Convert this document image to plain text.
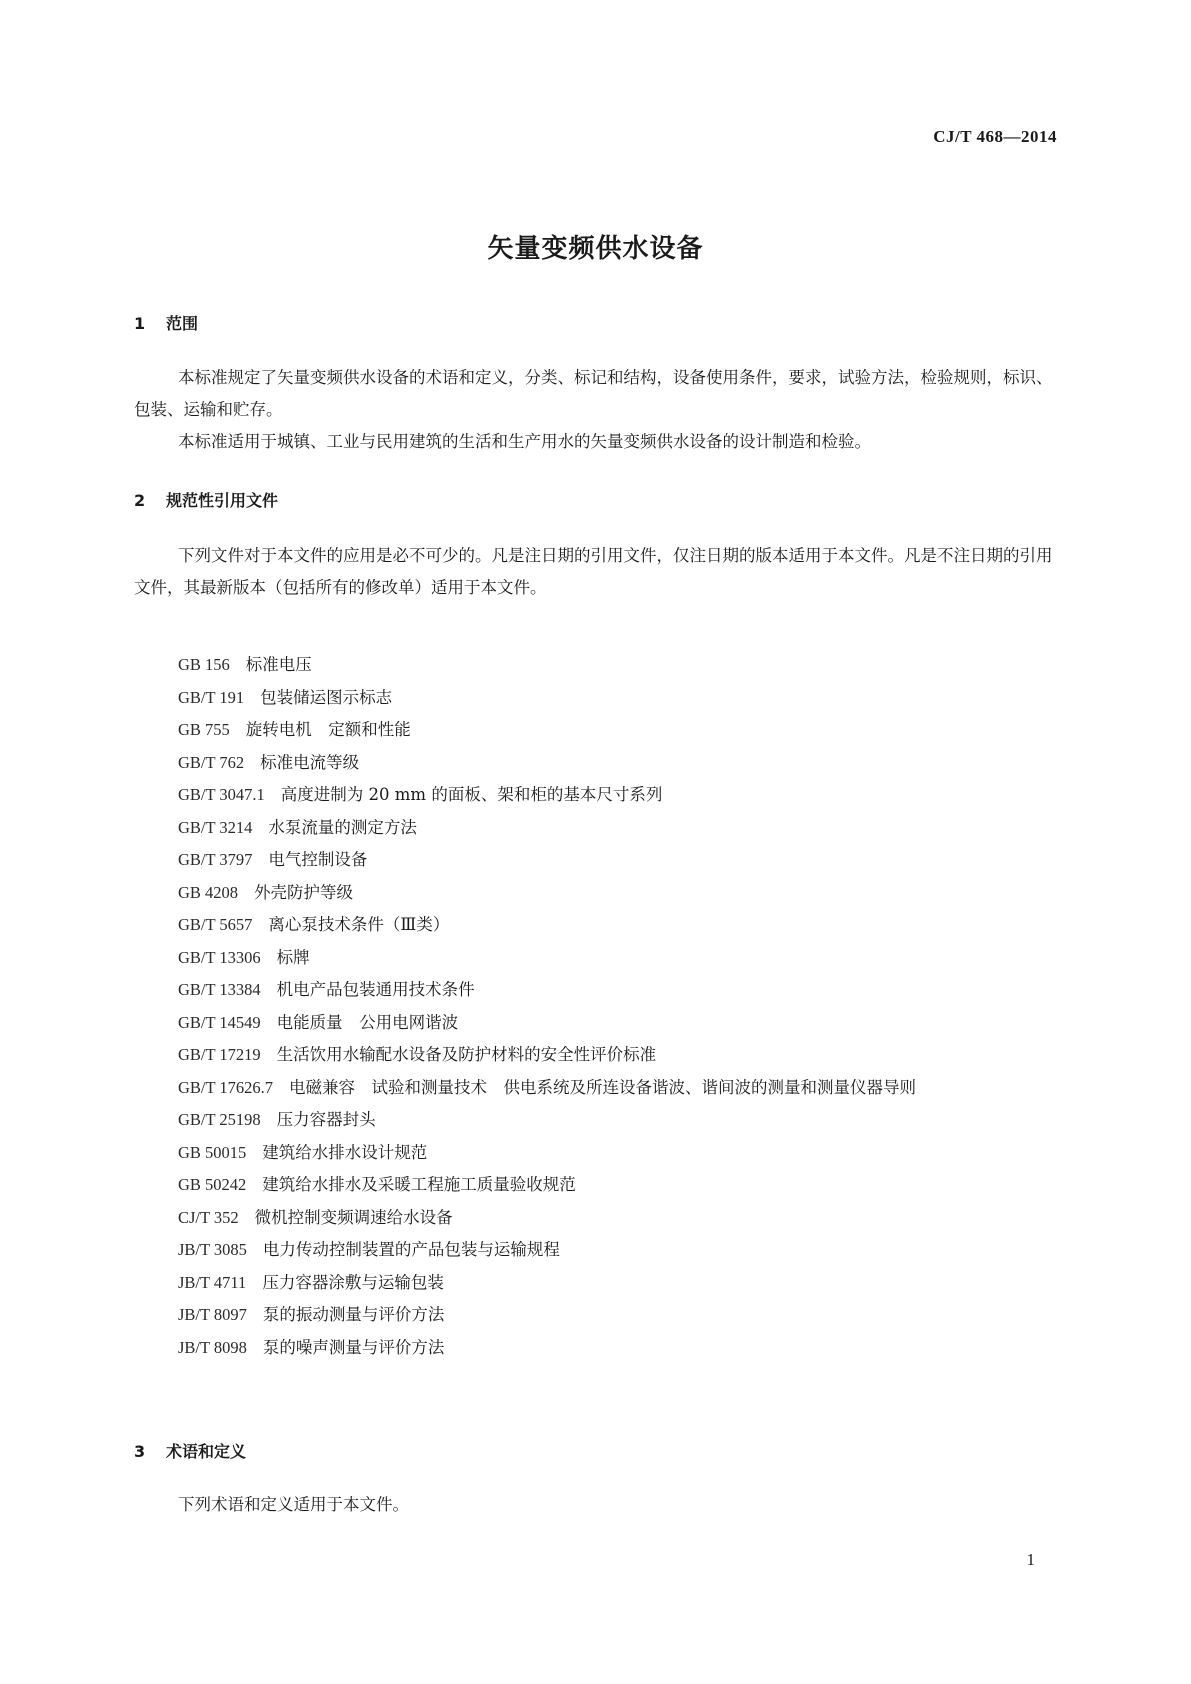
CJ/T 468—2014
矢量变频供水设备
1 范围
本标准规定了矢量变频供水设备的术语和定义，分类、标记和结构，设备使用条件，要求，试验方法，检验规则，标识、包装、运输和贮存。
本标准适用于城镇、工业与民用建筑的生活和生产用水的矢量变频供水设备的设计制造和检验。
2 规范性引用文件
下列文件对于本文件的应用是必不可少的。凡是注日期的引用文件，仅注日期的版本适用于本文件。凡是不注日期的引用文件，其最新版本（包括所有的修改单）适用于本文件。
GB 156 标准电压
GB/T 191 包装储运图示标志
GB 755 旋转电机　定额和性能
GB/T 762 标准电流等级
GB/T 3047.1 高度进制为 20 mm 的面板、架和柜的基本尺寸系列
GB/T 3214 水泵流量的测定方法
GB/T 3797 电气控制设备
GB 4208 外壳防护等级
GB/T 5657 离心泵技术条件（Ⅲ类）
GB/T 13306 标牌
GB/T 13384 机电产品包装通用技术条件
GB/T 14549 电能质量　公用电网谐波
GB/T 17219 生活饮用水输配水设备及防护材料的安全性评价标准
GB/T 17626.7 电磁兼容　试验和测量技术　供电系统及所连设备谐波、谐间波的测量和测量仪器导则
GB/T 25198 压力容器封头
GB 50015 建筑给水排水设计规范
GB 50242 建筑给水排水及采暖工程施工质量验收规范
CJ/T 352 微机控制变频调速给水设备
JB/T 3085 电力传动控制装置的产品包装与运输规程
JB/T 4711 压力容器涂敷与运输包装
JB/T 8097 泵的振动测量与评价方法
JB/T 8098 泵的噪声测量与评价方法
3 术语和定义
下列术语和定义适用于本文件。
1
